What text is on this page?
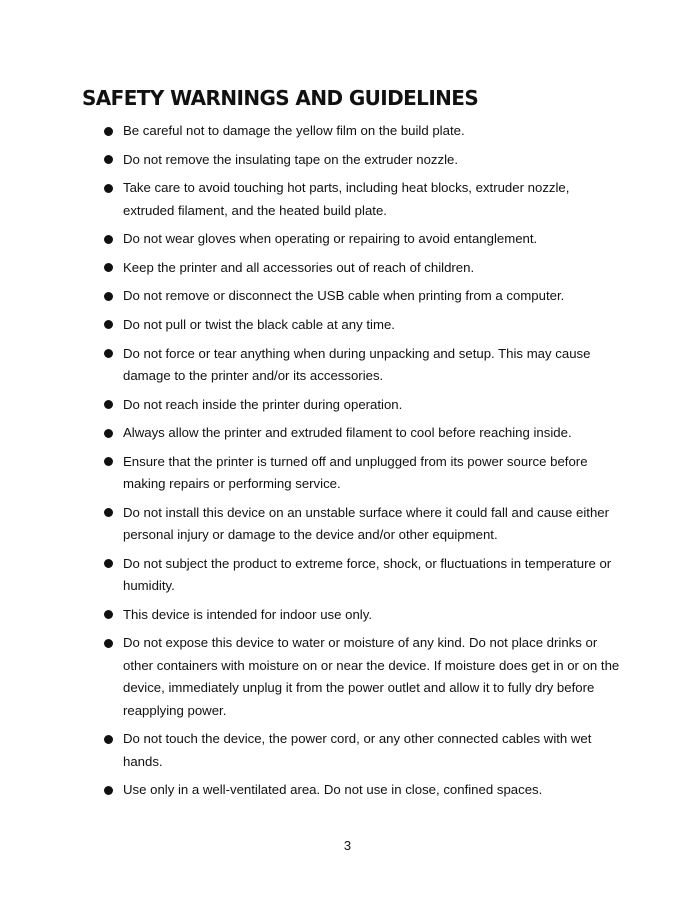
SAFETY WARNINGS AND GUIDELINES
Be careful not to damage the yellow film on the build plate.
Do not remove the insulating tape on the extruder nozzle.
Take care to avoid touching hot parts, including heat blocks, extruder nozzle, extruded filament, and the heated build plate.
Do not wear gloves when operating or repairing to avoid entanglement.
Keep the printer and all accessories out of reach of children.
Do not remove or disconnect the USB cable when printing from a computer.
Do not pull or twist the black cable at any time.
Do not force or tear anything when during unpacking and setup. This may cause damage to the printer and/or its accessories.
Do not reach inside the printer during operation.
Always allow the printer and extruded filament to cool before reaching inside.
Ensure that the printer is turned off and unplugged from its power source before making repairs or performing service.
Do not install this device on an unstable surface where it could fall and cause either personal injury or damage to the device and/or other equipment.
Do not subject the product to extreme force, shock, or fluctuations in temperature or humidity.
This device is intended for indoor use only.
Do not expose this device to water or moisture of any kind. Do not place drinks or other containers with moisture on or near the device. If moisture does get in or on the device, immediately unplug it from the power outlet and allow it to fully dry before reapplying power.
Do not touch the device, the power cord, or any other connected cables with wet hands.
Use only in a well-ventilated area. Do not use in close, confined spaces.
3
